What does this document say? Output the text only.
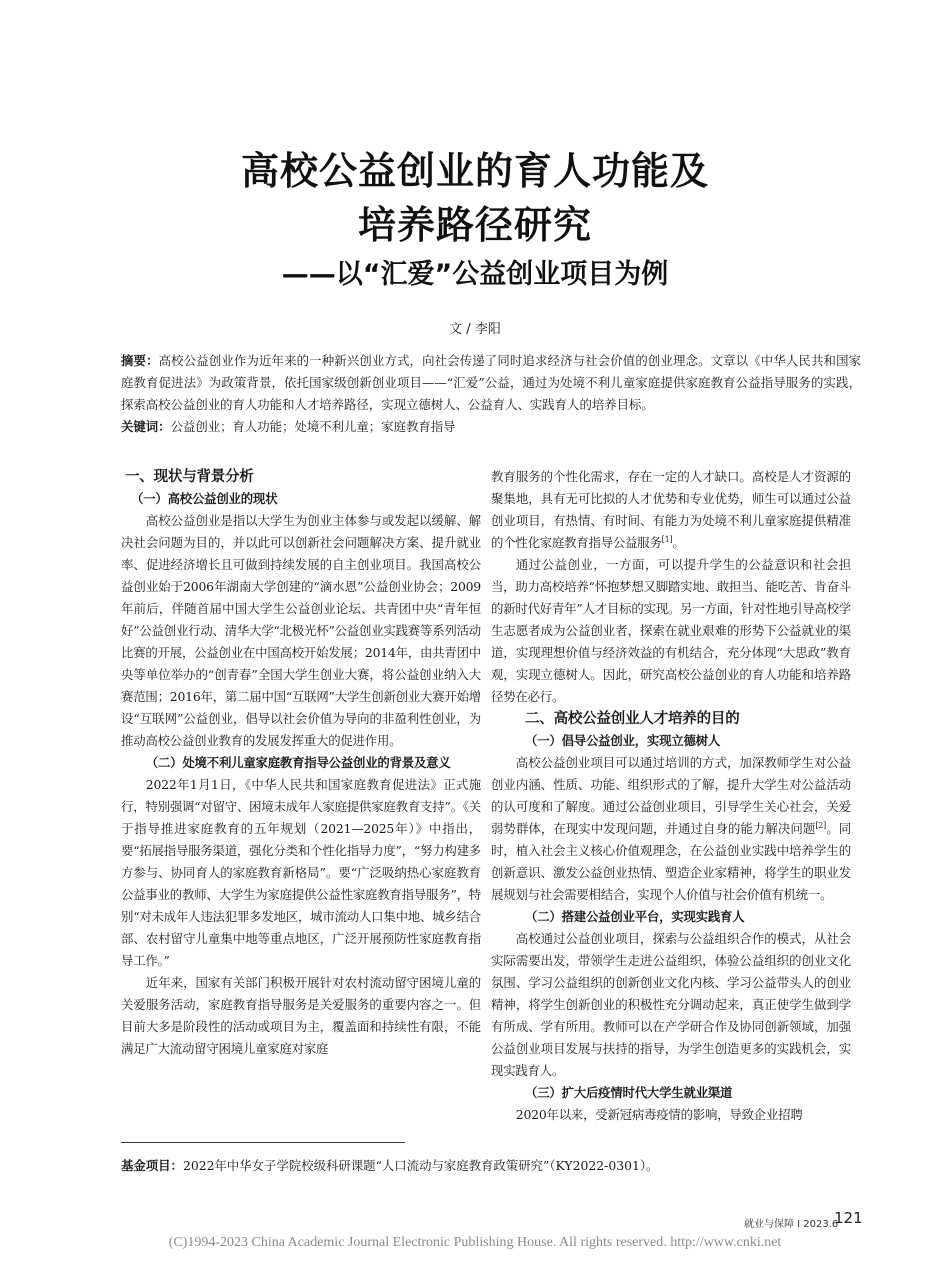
高校公益创业的育人功能及
培养路径研究
——以“汇爱”公益创业项目为例
文 / 李阳

摘要：高校公益创业作为近年来的一种新兴创业方式，向社会传递了同时追求经济与社会价值的创业理念。文章以《中华人民共和国家庭教育促进法》为政策背景，依托国家级创新创业项目——“汇爱”公益，通过为处境不利儿童家庭提供家庭教育公益指导服务的实践，探索高校公益创业的育人功能和人才培养路径，实现立德树人、公益育人、实践育人的培养目标。

关键词：公益创业；育人功能；处境不利儿童；家庭教育指导

一、现状与背景分析
（一）高校公益创业的现状

高校公益创业是指以大学生为创业主体参与或发起以缓解、解决社会问题为目的，并以此可以创新社会问题解决方案、提升就业率、促进经济增长且可做到持续发展的自主创业项目。我国高校公益创业始于2006年湖南大学创建的“滴水恩”公益创业协会；2009年前后，伴随首届中国大学生公益创业论坛、共青团中央“青年恒好”公益创业行动、清华大学“北极光杯”公益创业实践赛等系列活动比赛的开展，公益创业在中国高校开始发展；2014年，由共青团中央等单位举办的“创青春”全国大学生创业大赛，将公益创业纳入大赛范围；2016年，第二届中国“互联网”大学生创新创业大赛开始增设“互联网”公益创业，倡导以社会价值为导向的非盈利性创业，为推动高校公益创业教育的发展发挥重大的促进作用。

（二）处境不利儿童家庭教育指导公益创业的背景及意义

2022年1月1日，《中华人民共和国家庭教育促进法》正式施行，特别强调“对留守、困境未成年人家庭提供家庭教育支持”。《关于指导推进家庭教育的五年规划（2021—2025年）》中指出，要“拓展指导服务渠道，强化分类和个性化指导力度”，“努力构建多方参与、协同育人的家庭教育新格局”。要“广泛吸纳热心家庭教育公益事业的教师、大学生为家庭提供公益性家庭教育指导服务”，特别“对未成年人违法犯罪多发地区，城市流动人口集中地、城乡结合部、农村留守儿童集中地等重点地区，广泛开展预防性家庭教育指导工作。”

近年来，国家有关部门积极开展针对农村流动留守困境儿童的关爱服务活动，家庭教育指导服务是关爱服务的重要内容之一。但目前大多是阶段性的活动或项目为主，覆盖面和持续性有限，不能满足广大流动留守困境儿童家庭对家庭

教育服务的个性化需求，存在一定的人才缺口。高校是人才资源的聚集地，具有无可比拟的人才优势和专业优势，师生可以通过公益创业项目，有热情、有时间、有能力为处境不利儿童家庭提供精准的个性化家庭教育指导公益服务[1]。

通过公益创业，一方面，可以提升学生的公益意识和社会担当，助力高校培养“怀抱梦想又脚踏实地、敢担当、能吃苦、肯奋斗的新时代好青年”人才目标的实现。另一方面，针对性地引导高校学生志愿者成为公益创业者，探索在就业艰难的形势下公益就业的渠道，实现理想价值与经济效益的有机结合，充分体现“大思政”教育观，实现立德树人。因此，研究高校公益创业的育人功能和培养路径势在必行。

二、高校公益创业人才培养的目的
（一）倡导公益创业，实现立德树人

高校公益创业项目可以通过培训的方式，加深教师学生对公益创业内涵、性质、功能、组织形式的了解，提升大学生对公益活动的认可度和了解度。通过公益创业项目，引导学生关心社会，关爱弱势群体，在现实中发现问题，并通过自身的能力解决问题[2]。同时，植入社会主义核心价值观理念，在公益创业实践中培养学生的创新意识、激发公益创业热情、塑造企业家精神，将学生的职业发展规划与社会需要相结合，实现个人价值与社会价值有机统一。

（二）搭建公益创业平台，实现实践育人

高校通过公益创业项目，探索与公益组织合作的模式，从社会实际需要出发，带领学生走进公益组织，体验公益组织的创业文化氛围、学习公益组织的创新创业文化内核、学习公益带头人的创业精神，将学生创新创业的积极性充分调动起来，真正使学生做到学有所成、学有所用。教师可以在产学研合作及协同创新领域，加强公益创业项目发展与扶持的指导，为学生创造更多的实践机会，实现实践育人。

（三）扩大后疫情时代大学生就业渠道

2020年以来，受新冠病毒疫情的影响，导致企业招聘

基金项目：2022年中华女子学院校级科研课题“人口流动与家庭教育政策研究”（KY2022-0301）。
就业与保障 I 2023.6
121
(C)1994-2023 China Academic Journal Electronic Publishing House. All rights reserved. http://www.cnki.net
